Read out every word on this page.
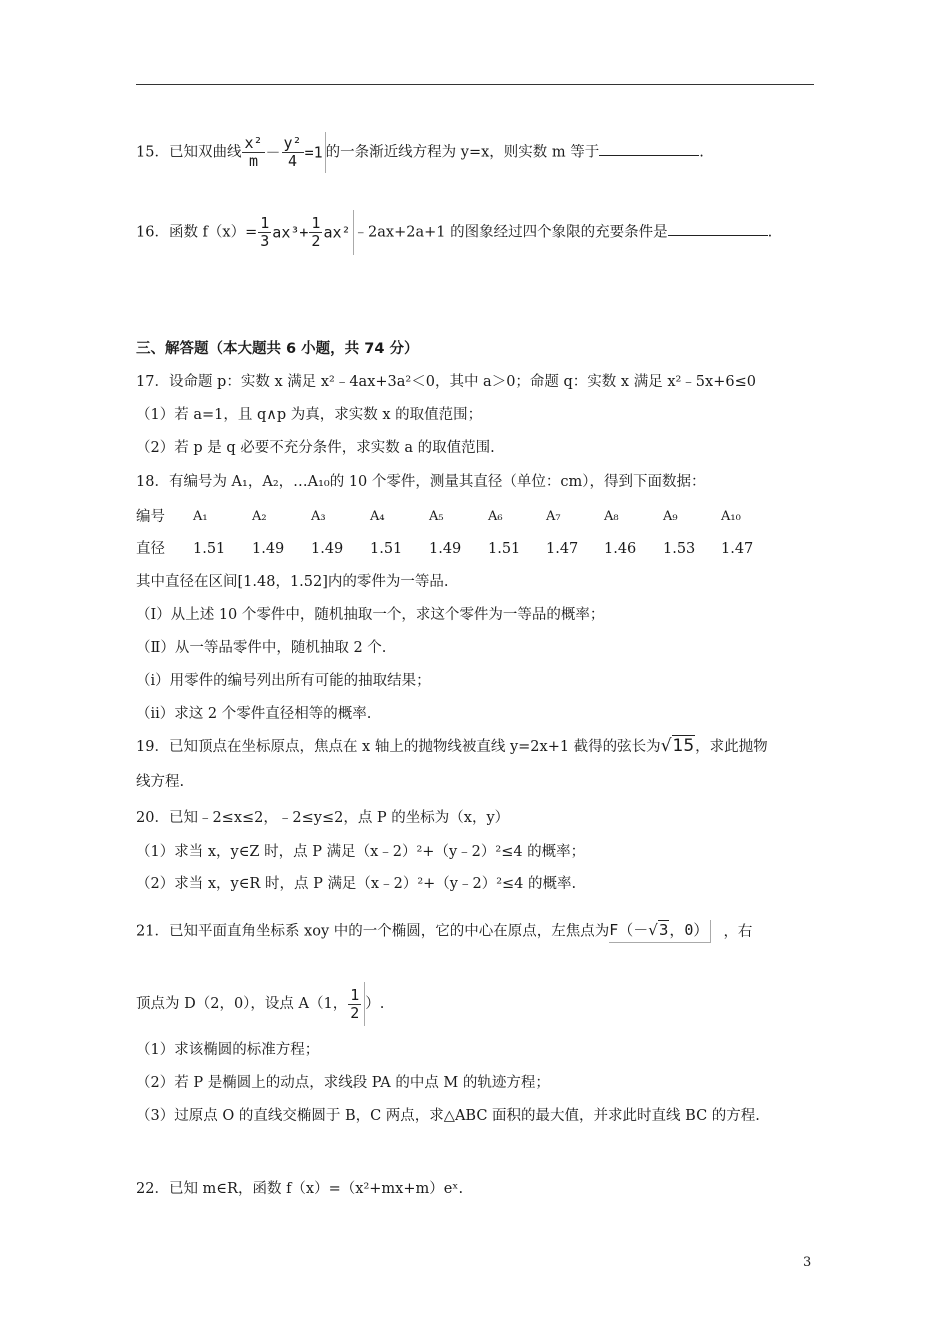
15．已知双曲线 $\frac{\text{x²}}{m} - \frac{\text{y²}}{4} =1$ 的一条渐近线方程为 y=x，则实数 m 等于	.
16．函数 $f(x)= \frac{1}{3} ax^3+ \frac{1}{2} ax^2$ ﹣2ax+2a+1 的图象经过四个象限的充要条件是	.
三、解答题（本大题共 6 小题，共 74 分）
17．设命题 p：实数 x 满足 x²﹣4ax+3a²＜0，其中 a＞0；命题 q：实数 x 满足 x²﹣5x+6≤0
（1）若 a=1，且 q∧p 为真，求实数 x 的取值范围；
（2）若 p 是 q 必要不充分条件，求实数 a 的取值范围.
18．有编号为 A₁，A₂，…A₁₀的 10 个零件，测量其直径（单位：cm），得到下面数据：
编号 A₁	A₂	A₃	A₄	A₅	A₆	A₇	A₈	A₉	A₁₀
直径 1.51 1.49 1.49 1.51 1.49 1.51 1.47 1.46 1.53 1.47
其中直径在区间[1.48，1.52]内的零件为一等品.
（Ⅰ）从上述 10 个零件中，随机抽取一个，求这个零件为一等品的概率；
（Ⅱ）从一等品零件中，随机抽取 2 个.
（ⅰ）用零件的编号列出所有可能的抽取结果；
（ⅱ）求这 2 个零件直径相等的概率.
19．已知顶点在坐标原点，焦点在 x 轴上的抛物线被直线 y=2x+1 截得的弦长为√15，求此抛物
线方程.
20．已知﹣2≤x≤2，﹣2≤y≤2，点 P 的坐标为（x，y）
（1）求当 x，y∈Z 时，点 P 满足（x﹣2）²+（y﹣2）²≤4 的概率；
（2）求当 x，y∈R 时，点 P 满足（x﹣2）²+（y﹣2）²≤4 的概率.
21．已知平面直角坐标系 xoy 中的一个椭圆，它的中心在原点，左焦点为F（－√3，0） ，右
顶点为 D（2，0），设点 A（1， $\frac{1}{2}$ ）.
（1）求该椭圆的标准方程；
（2）若 P 是椭圆上的动点，求线段 PA 的中点 M 的轨迹方程；
（3）过原点 O 的直线交椭圆于 B，C 两点，求△ABC 面积的最大值，并求此时直线 BC 的方程.
22．已知 m∈R，函数 f（x）=（x²+mx+m）eˣ.
3
